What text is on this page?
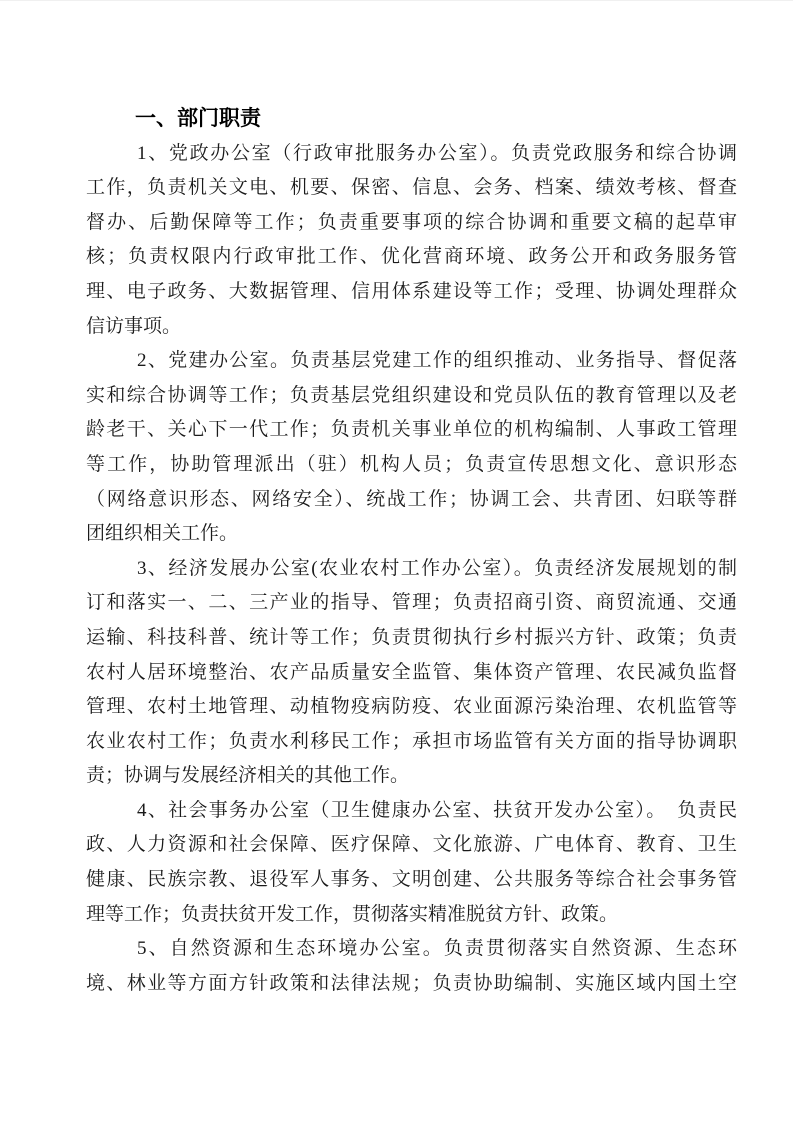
一、部门职责
1、党政办公室（行政审批服务办公室）。负责党政服务和综合协调
工作，负责机关文电、机要、保密、信息、会务、档案、绩效考核、督查
督办、后勤保障等工作；负责重要事项的综合协调和重要文稿的起草审
核；负责权限内行政审批工作、优化营商环境、政务公开和政务服务管
理、电子政务、大数据管理、信用体系建设等工作；受理、协调处理群众
信访事项。
2、党建办公室。负责基层党建工作的组织推动、业务指导、督促落
实和综合协调等工作；负责基层党组织建设和党员队伍的教育管理以及老
龄老干、关心下一代工作；负责机关事业单位的机构编制、人事政工管理
等工作，协助管理派出（驻）机构人员；负责宣传思想文化、意识形态
（网络意识形态、网络安全）、统战工作；协调工会、共青团、妇联等群
团组织相关工作。
3、经济发展办公室(农业农村工作办公室）。负责经济发展规划的制
订和落实一、二、三产业的指导、管理；负责招商引资、商贸流通、交通
运输、科技科普、统计等工作；负责贯彻执行乡村振兴方针、政策；负责
农村人居环境整治、农产品质量安全监管、集体资产管理、农民减负监督
管理、农村土地管理、动植物疫病防疫、农业面源污染治理、农机监管等
农业农村工作；负责水利移民工作；承担市场监管有关方面的指导协调职
责；协调与发展经济相关的其他工作。
4、社会事务办公室（卫生健康办公室、扶贫开发办公室）。　负责民
政、人力资源和社会保障、医疗保障、文化旅游、广电体育、教育、卫生
健康、民族宗教、退役军人事务、文明创建、公共服务等综合社会事务管
理等工作；负责扶贫开发工作，贯彻落实精准脱贫方针、政策。
5、自然资源和生态环境办公室。负责贯彻落实自然资源、生态环
境、林业等方面方针政策和法律法规；负责协助编制、实施区域内国土空
